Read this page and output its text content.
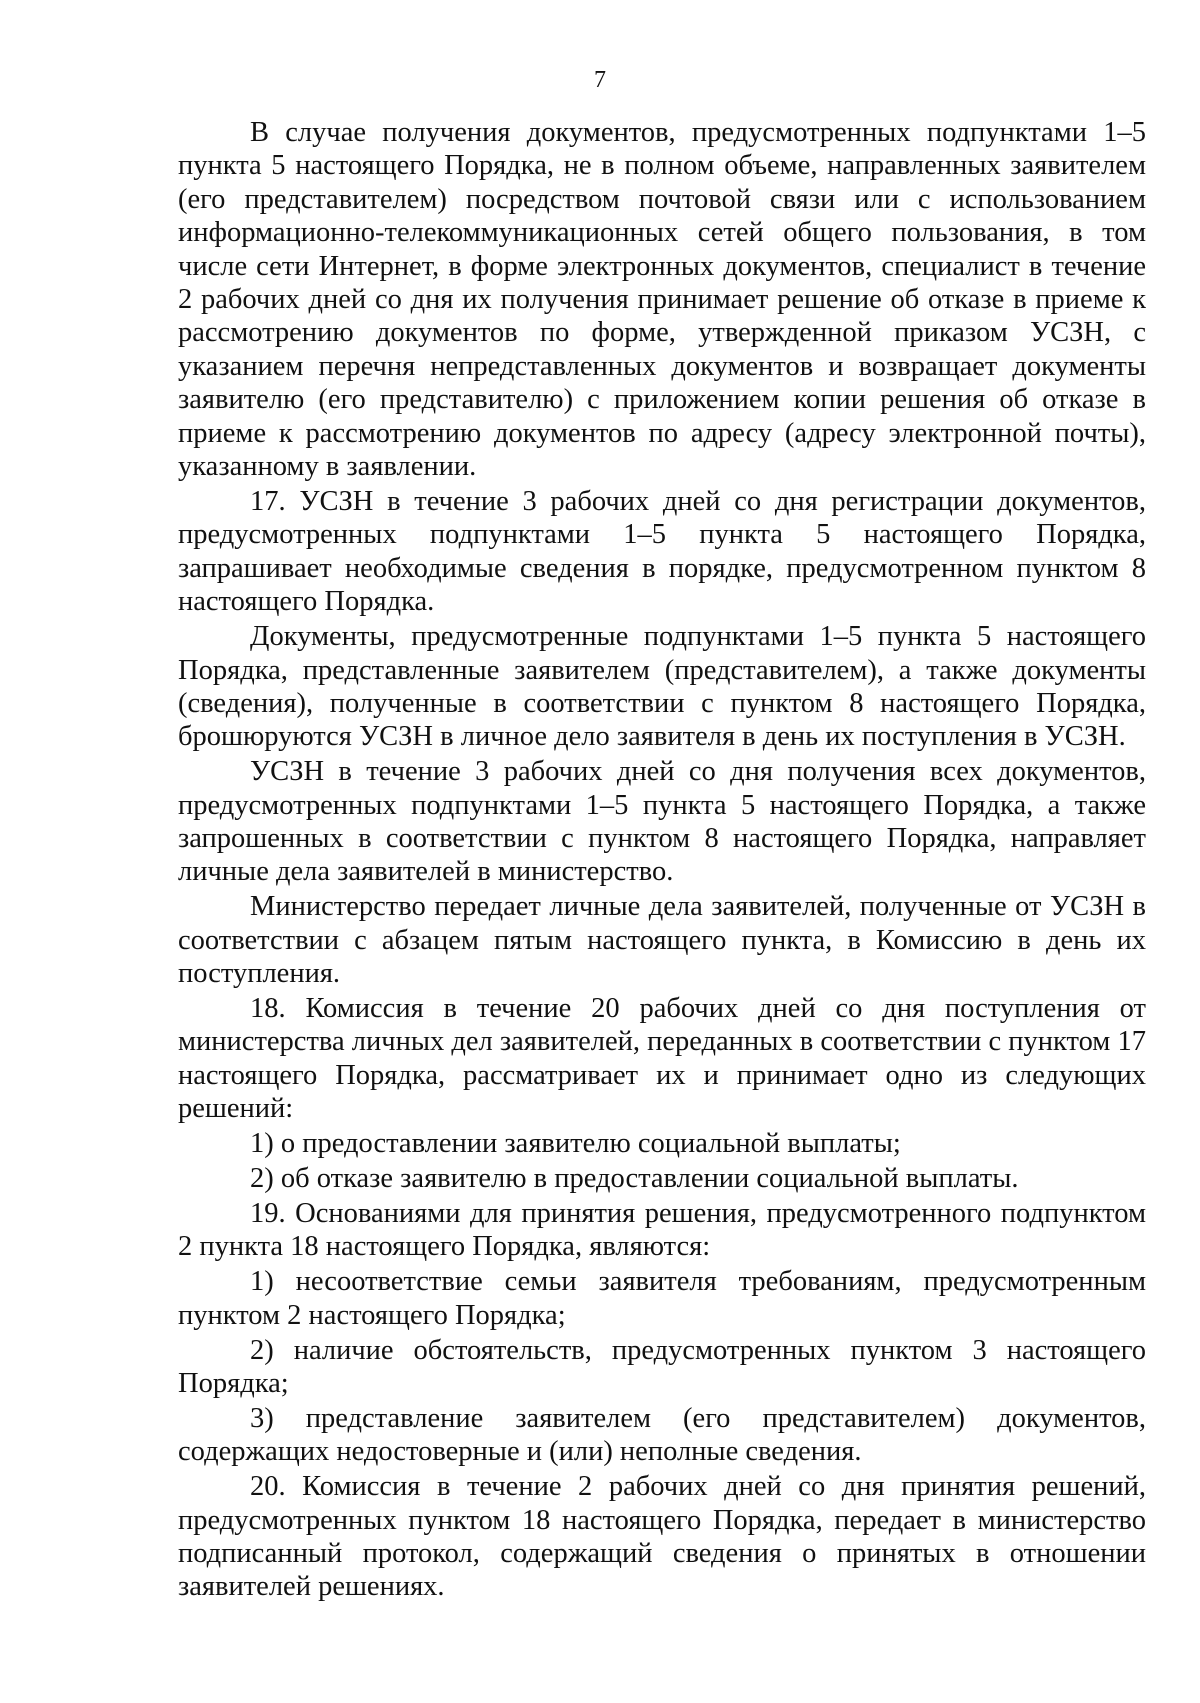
7

В случае получения документов, предусмотренных подпунктами 1–5 пункта 5 настоящего Порядка, не в полном объеме, направленных заявителем (его представителем) посредством почтовой связи или с использованием информационно-телекоммуникационных сетей общего пользования, в том числе сети Интернет, в форме электронных документов, специалист в течение 2 рабочих дней со дня их получения принимает решение об отказе в приеме к рассмотрению документов по форме, утвержденной приказом УСЗН, с указанием перечня непредставленных документов и возвращает документы заявителю (его представителю) с приложением копии решения об отказе в приеме к рассмотрению документов по адресу (адресу электронной почты), указанному в заявлении.

17. УСЗН в течение 3 рабочих дней со дня регистрации документов, предусмотренных подпунктами 1–5 пункта 5 настоящего Порядка, запрашивает необходимые сведения в порядке, предусмотренном пунктом 8 настоящего Порядка.

Документы, предусмотренные подпунктами 1–5 пункта 5 настоящего Порядка, представленные заявителем (представителем), а также документы (сведения), полученные в соответствии с пунктом 8 настоящего Порядка, брошюруются УСЗН в личное дело заявителя в день их поступления в УСЗН.

УСЗН в течение 3 рабочих дней со дня получения всех документов, предусмотренных подпунктами 1–5 пункта 5 настоящего Порядка, а также запрошенных в соответствии с пунктом 8 настоящего Порядка, направляет личные дела заявителей в министерство.

Министерство передает личные дела заявителей, полученные от УСЗН в соответствии с абзацем пятым настоящего пункта, в Комиссию в день их поступления.

18. Комиссия в течение 20 рабочих дней со дня поступления от министерства личных дел заявителей, переданных в соответствии с пунктом 17 настоящего Порядка, рассматривает их и принимает одно из следующих решений:

1) о предоставлении заявителю социальной выплаты;

2) об отказе заявителю в предоставлении социальной выплаты.

19. Основаниями для принятия решения, предусмотренного подпунктом 2 пункта 18 настоящего Порядка, являются:

1) несоответствие семьи заявителя требованиям, предусмотренным пунктом 2 настоящего Порядка;

2) наличие обстоятельств, предусмотренных пунктом 3 настоящего Порядка;

3) представление заявителем (его представителем) документов, содержащих недостоверные и (или) неполные сведения.

20. Комиссия в течение 2 рабочих дней со дня принятия решений, предусмотренных пунктом 18 настоящего Порядка, передает в министерство подписанный протокол, содержащий сведения о принятых в отношении заявителей решениях.
